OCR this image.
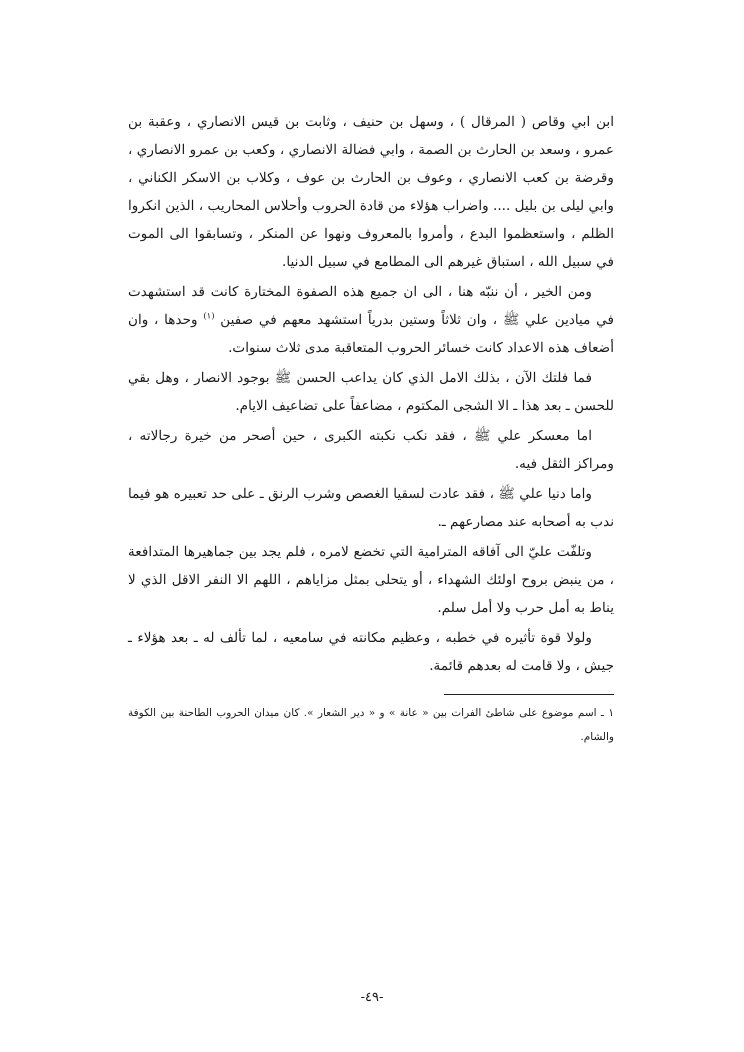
ابن ابي وقاص ( المرقال ) ، وسهل بن حنيف ، وثابت بن قيس الانصاري ، وعقبة بن عمرو ، وسعد بن الحارث بن الصمة ، وابي فضالة الانصاري ، وكعب بن عمرو الانصاري ، وقرضة بن كعب الانصاري ، وعوف بن الحارث بن عوف ، وكلاب بن الاسكر الكناني ، وابي ليلى بن بليل .... واضراب هؤلاء من قادة الحروب وأحلاس المحاريب ، الذين انكروا الظلم ، واستعظموا البدع ، وأمروا بالمعروف ونهوا عن المنكر ، وتسابقوا الى الموت في سبيل الله ، استباق غيرهم الى المطامع في سبيل الدنيا.

ومن الخير ، أن ننبّه هنا ، الى ان جميع هذه الصفوة المختارة كانت قد استشهدت في ميادين علي ﷺ ، وان ثلاثاً وستين بدرياً استشهد معهم في صفين $^{(١)}$ وحدها ، وان أضعاف هذه الاعداد كانت خسائر الحروب المتعاقبة مدى ثلاث سنوات.

فما فلتك الآن ، بذلك الامل الذي كان يداعب الحسن ﷺ بوجود الانصار ، وهل بقي للحسن ـ بعد هذا ـ الا الشجى المكتوم ، مضاعفاً على تضاعيف الايام.

اما معسكر علي ﷺ ، فقد نكب نكبته الكبرى ، حين أصحر من خيرة رجالاته ، ومراكز الثقل فيه.

واما دنيا علي ﷺ ، فقد عادت لسقيا الغصص وشرب الرنق ـ على حد تعبيره هو فيما ندب به أصحابه عند مصارعهم ـ.

وتلفّت عليّ الى آفاقه المترامية التي تخضع لامره ، فلم يجد بين جماهيرها المتدافعة ، من ينبض بروح اولئك الشهداء ، أو يتحلى بمثل مزاياهم ، اللهم الا النفر الاقل الذي لا يناط به أمل حرب ولا أمل سلم.

ولولا قوة تأثيره في خطبه ، وعظيم مكانته في سامعيه ، لما تألف له ـ بعد هؤلاء ـ جيش ، ولا قامت له بعدهم قائمة.

١ ـ اسم موضوع على شاطئ الفرات بين « عانة » و « دير الشعار ». كان ميدان الحروب الطاحنة بين الكوفة والشام.

-٤٩-
